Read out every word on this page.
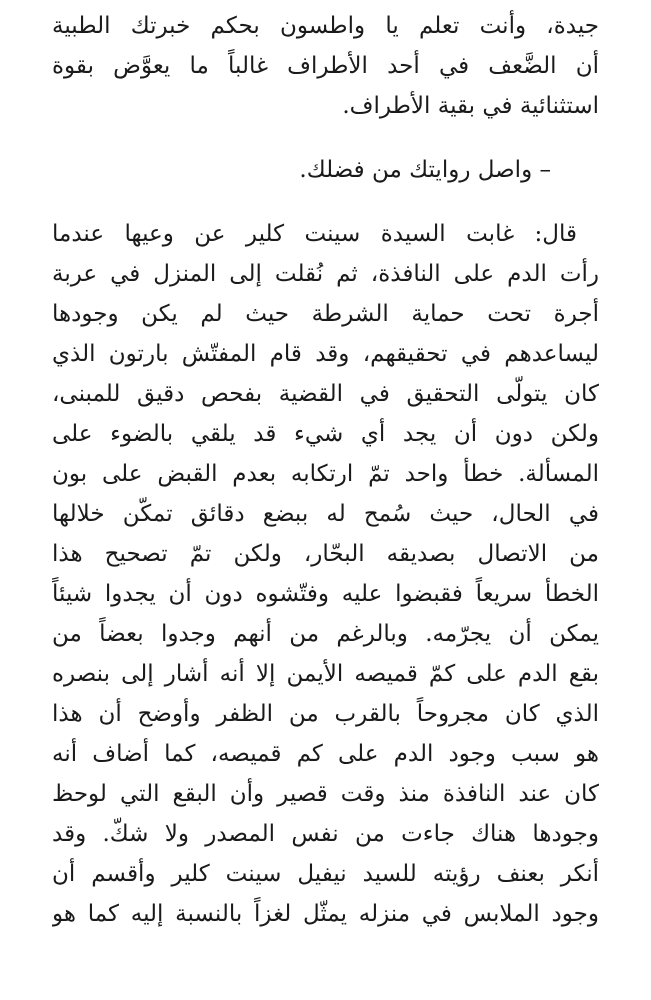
جيدة، وأنت تعلم يا واطسون بحكم خبرتك الطبية
أن الضَّعف في أحد الأطراف غالباً ما يعوَّض بقوة
استثنائية في بقية الأطراف.
– واصل روايتك من فضلك.
قال: غابت السيدة سينت كلير عن وعيها عندما
رأت الدم على النافذة، ثم نُقلت إلى المنزل في عربة
أجرة تحت حماية الشرطة حيث لم يكن وجودها
ليساعدهم في تحقيقهم، وقد قام المفتّش بارتون الذي
كان يتولّى التحقيق في القضية بفحص دقيق للمبنى،
ولكن دون أن يجد أي شيء قد يلقي بالضوء على
المسألة. خطأ واحد تمّ ارتكابه بعدم القبض على بون
في الحال، حيث سُمح له ببضع دقائق تمكّن خلالها
من الاتصال بصديقه البحّار، ولكن تمّ تصحيح هذا
الخطأ سريعاً فقبضوا عليه وفتّشوه دون أن يجدوا شيئاً
يمكن أن يجرّمه. وبالرغم من أنهم وجدوا بعضاً من
بقع الدم على كمّ قميصه الأيمن إلا أنه أشار إلى بنصره
الذي كان مجروحاً بالقرب من الظفر وأوضح أن هذا
هو سبب وجود الدم على كم قميصه، كما أضاف أنه
كان عند النافذة منذ وقت قصير وأن البقع التي لوحظ
وجودها هناك جاءت من نفس المصدر ولا شكّ. وقد
أنكر بعنف رؤيته للسيد نيفيل سينت كلير وأقسم أن
وجود الملابس في منزله يمثّل لغزاً بالنسبة إليه كما هو
